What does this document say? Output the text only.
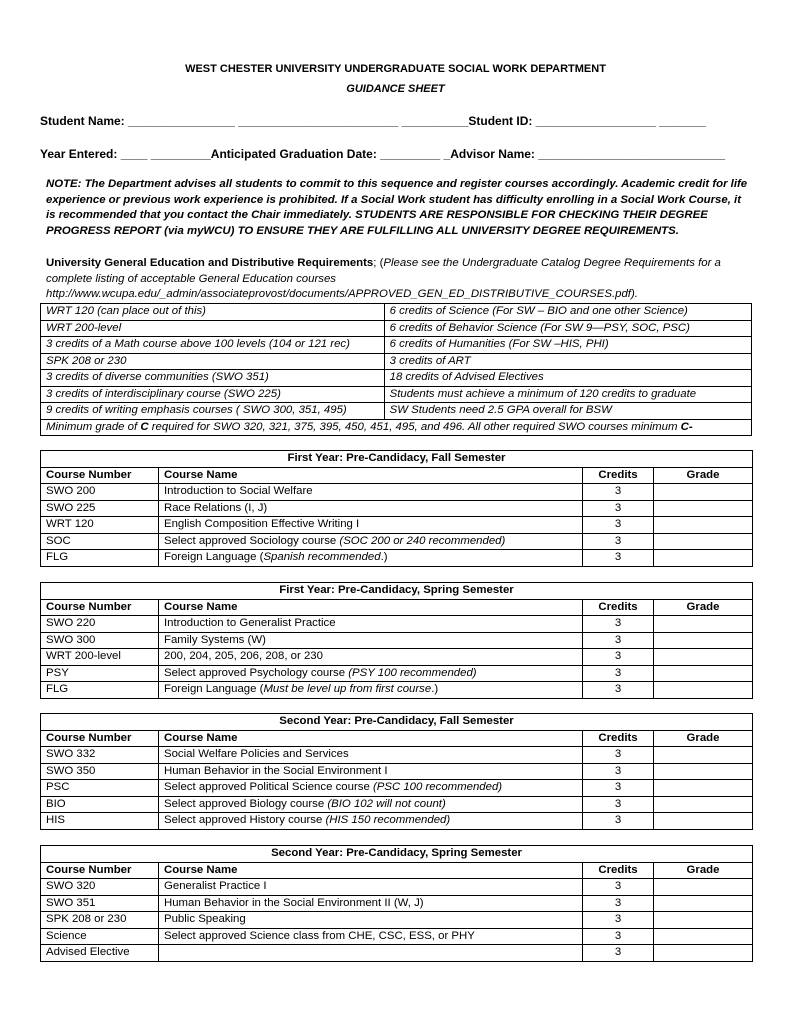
WEST CHESTER UNIVERSITY UNDERGRADUATE SOCIAL WORK DEPARTMENT
GUIDANCE SHEET
Student Name: ________________ ________________________ __________Student ID: __________________ _______
Year Entered: ____ _________Anticipated Graduation Date: _________ _Advisor Name: ____________________________
NOTE: The Department advises all students to commit to this sequence and register courses accordingly. Academic credit for life experience or previous work experience is prohibited. If a Social Work student has difficulty enrolling in a Social Work Course, it is recommended that you contact the Chair immediately. STUDENTS ARE RESPONSIBLE FOR CHECKING THEIR DEGREE PROGRESS REPORT (via myWCU) TO ENSURE THEY ARE FULFILLING ALL UNIVERSITY DEGREE REQUIREMENTS.
University General Education and Distributive Requirements; (Please see the Undergraduate Catalog Degree Requirements for a complete listing of acceptable General Education courses http://www.wcupa.edu/_admin/associateprovost/documents/APPROVED_GEN_ED_DISTRIBUTIVE_COURSES.pdf).
WRT 120 (can place out of this)	6 credits of Science (For SW – BIO and one other Science)
WRT 200-level	6 credits of Behavior Science (For SW 9—PSY, SOC, PSC)
3 credits of a Math course above 100 levels (104 or 121 rec)	6 credits of Humanities (For SW –HIS, PHI)
SPK 208 or 230	3 credits of ART
3 credits of diverse communities (SWO 351)	18 credits of Advised Electives
3 credits of interdisciplinary course (SWO 225)	Students must achieve a minimum of 120 credits to graduate
9 credits of writing emphasis courses ( SWO 300, 351, 495)	SW Students need 2.5 GPA overall for BSW
Minimum grade of C required for SWO 320, 321, 375, 395, 450, 451, 495, and 496. All other required SWO courses minimum C-	
First Year: Pre-Candidacy, Fall Semester			
Course Number	Course Name	Credits	Grade
SWO 200	Introduction to Social Welfare	3	
SWO 225	Race Relations (I, J)	3	
WRT 120	English Composition Effective Writing I	3	
SOC	Select approved Sociology course (SOC 200 or 240 recommended)	3	
FLG	Foreign Language (Spanish recommended.)	3	
First Year: Pre-Candidacy, Spring Semester			
Course Number	Course Name	Credits	Grade
SWO 220	Introduction to Generalist Practice	3	
SWO 300	Family Systems (W)	3	
WRT 200-level	200, 204, 205, 206, 208, or 230	3	
PSY	Select approved Psychology course (PSY 100 recommended)	3	
FLG	Foreign Language (Must be level up from first course.)	3	
Second Year: Pre-Candidacy, Fall Semester			
Course Number	Course Name	Credits	Grade
SWO 332	Social Welfare Policies and Services	3	
SWO 350	Human Behavior in the Social Environment I	3	
PSC	Select approved Political Science course (PSC 100 recommended)	3	
BIO	Select approved Biology course (BIO 102 will not count)	3	
HIS	Select approved History course (HIS 150 recommended)	3	
Second Year: Pre-Candidacy, Spring Semester			
Course Number	Course Name	Credits	Grade
SWO 320	Generalist Practice I	3	
SWO 351	Human Behavior in the Social Environment II (W, J)	3	
SPK 208 or 230	Public Speaking	3	
Science	Select approved Science class from CHE, CSC, ESS, or PHY	3	
Advised Elective		3	
